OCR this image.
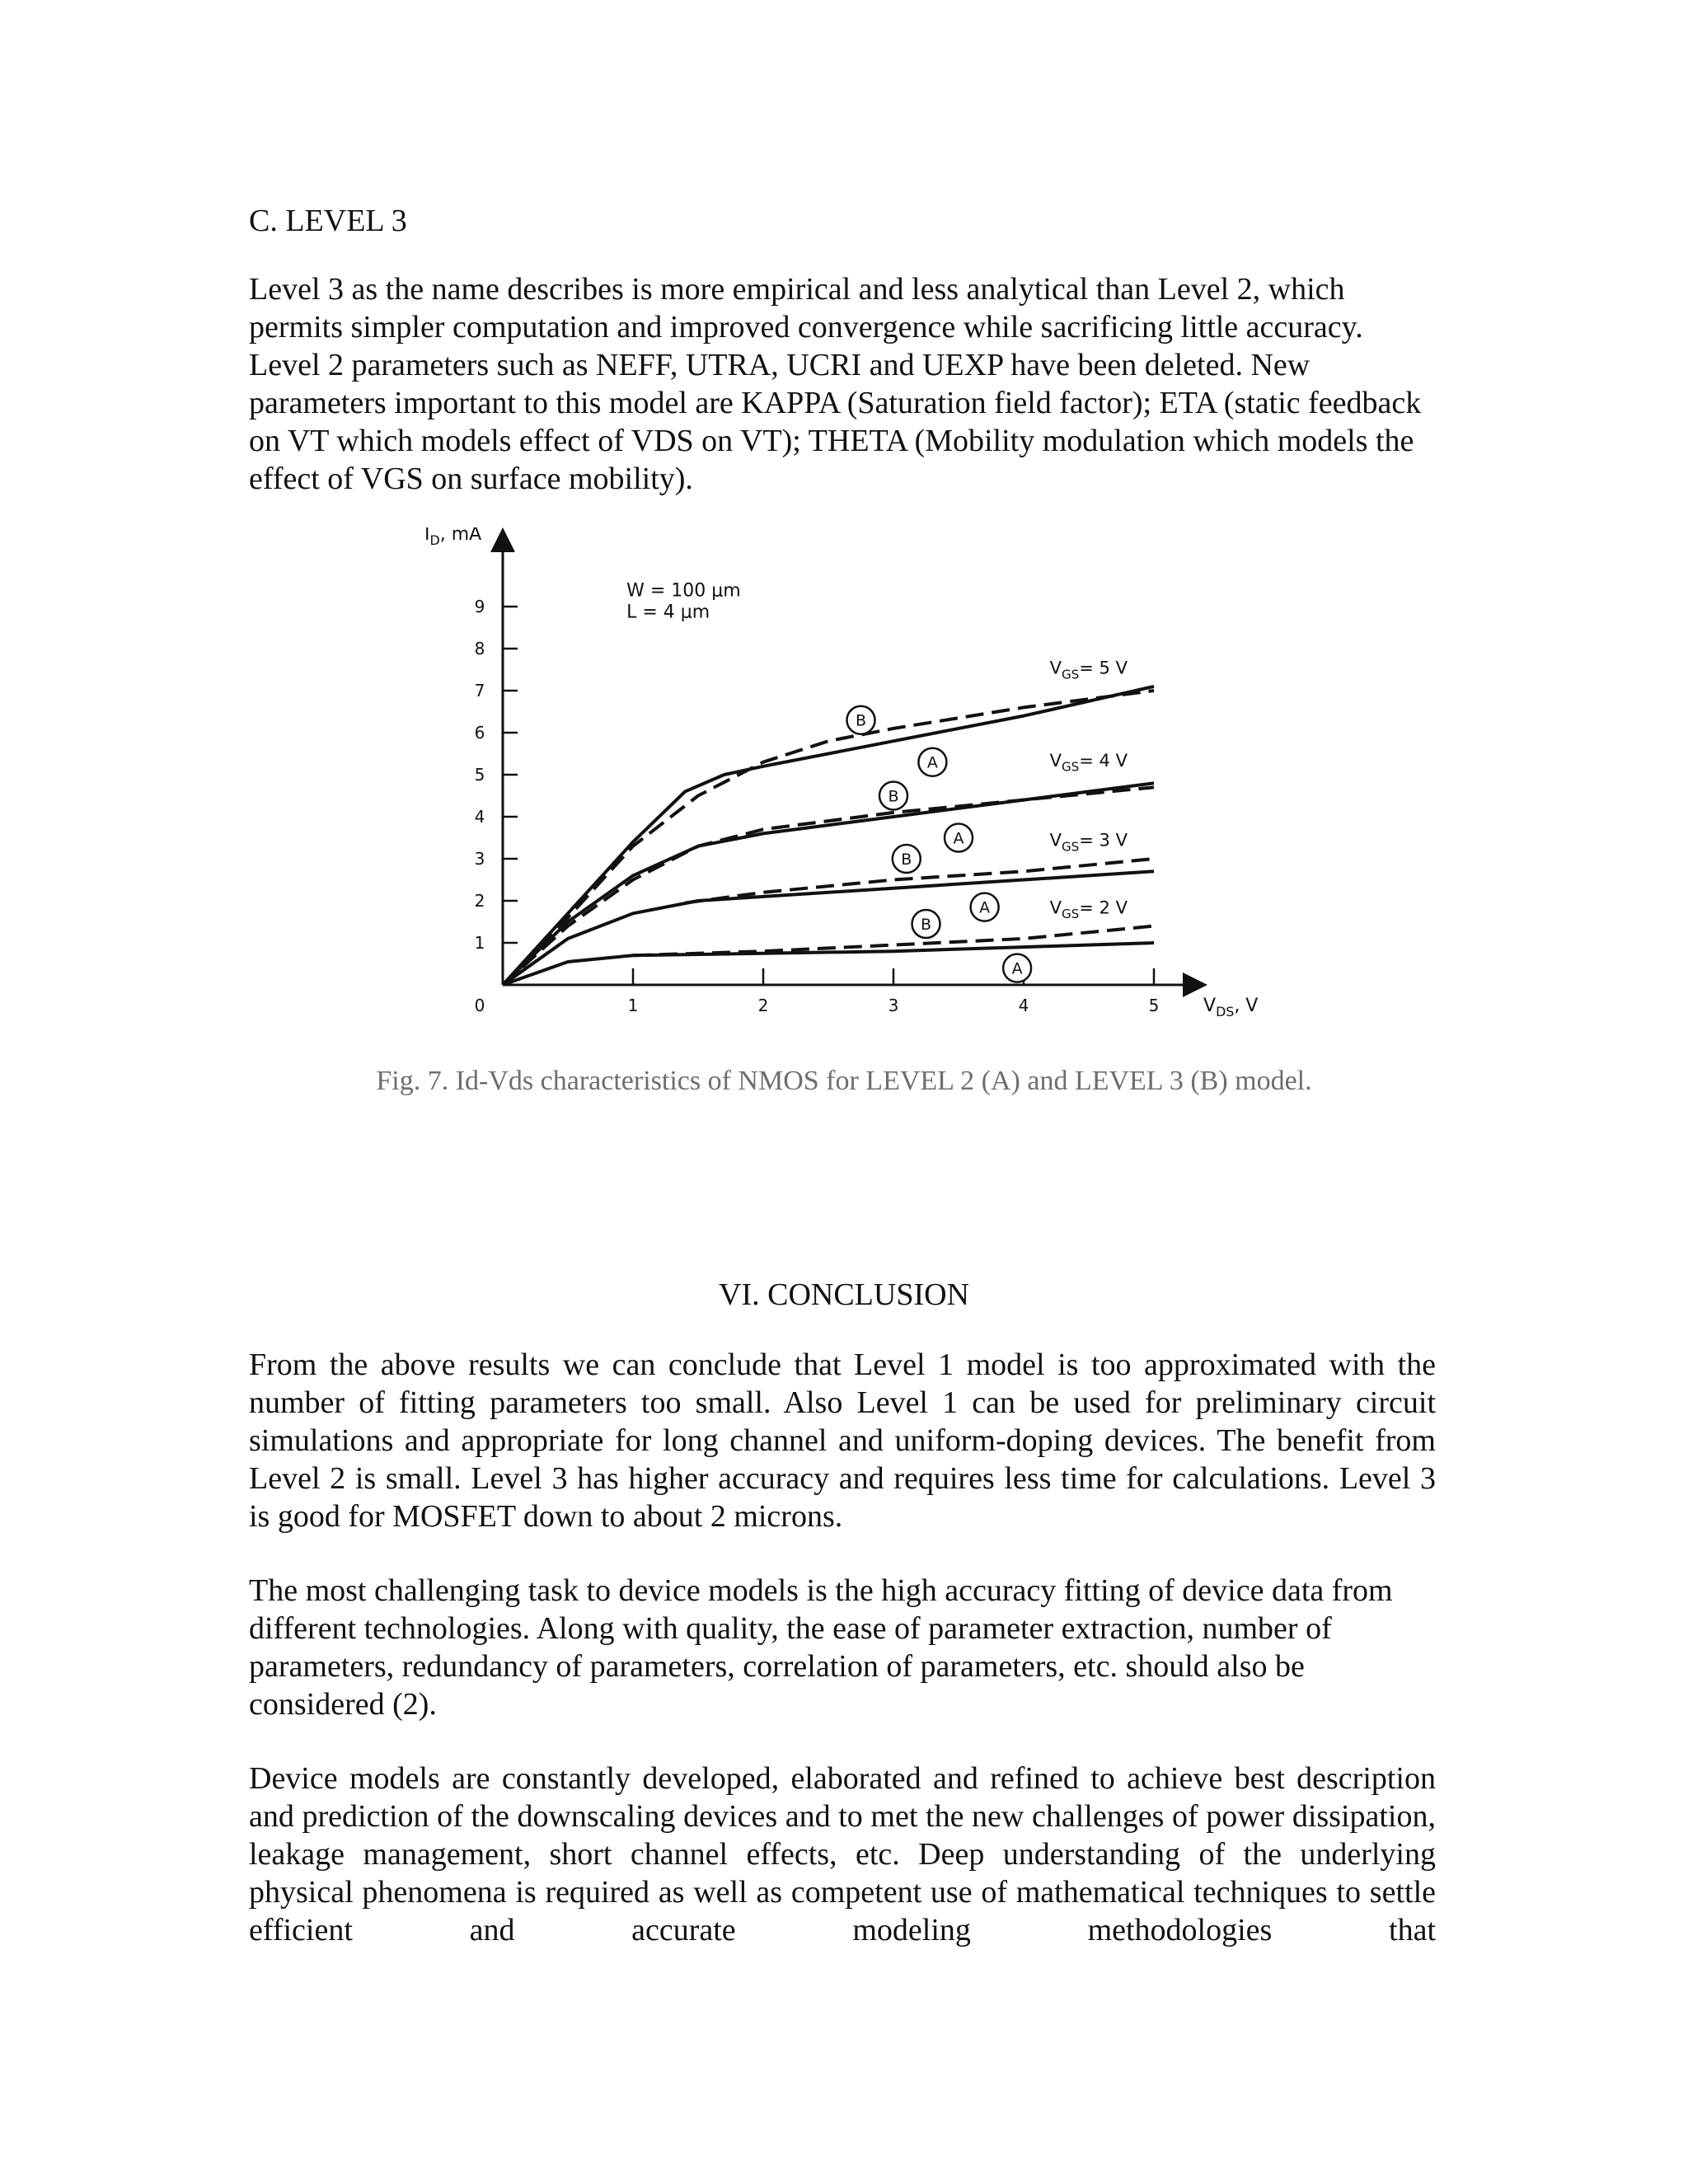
C. LEVEL 3
Level 3 as the name describes is more empirical and less analytical than Level 2, which permits simpler computation and improved convergence while sacrificing little accuracy. Level 2 parameters such as NEFF, UTRA, UCRI and UEXP have been deleted. New parameters important to this model are KAPPA (Saturation field factor); ETA (static feedback on VT which models effect of VDS on VT); THETA (Mobility modulation which models the effect of VGS on surface mobility).
1
2
3
4
5
6
7
8
9
1	2	3	4	5
0
$I_D$, mA
$V_{DS}$, V
W = 100 μm
L = 4 μm
$V_{GS}= 5$ V
$V_{GS}= 4$ V
$V_{GS}= 3$ V
$V_{GS}= 2$ V
B
A
B
A
B
A
B
A
Fig. 7. Id-Vds characteristics of NMOS for LEVEL 2 (A) and LEVEL 3 (B) model.
VI. CONCLUSION
From the above results we can conclude that Level 1 model is too approximated with the number of fitting parameters too small. Also Level 1 can be used for preliminary circuit simulations and appropriate for long channel and uniform-doping devices. The benefit from Level 2 is small. Level 3 has higher accuracy and requires less time for calculations. Level 3 is good for MOSFET down to about 2 microns.
The most challenging task to device models is the high accuracy fitting of device data from different technologies. Along with quality, the ease of parameter extraction, number of parameters, redundancy of parameters, correlation of parameters, etc. should also be considered (2).
Device models are constantly developed, elaborated and refined to achieve best description and prediction of the downscaling devices and to met the new challenges of power dissipation, leakage management, short channel effects, etc. Deep understanding of the underlying physical phenomena is required as well as competent use of mathematical techniques to settle efficient and accurate modeling methodologies that
